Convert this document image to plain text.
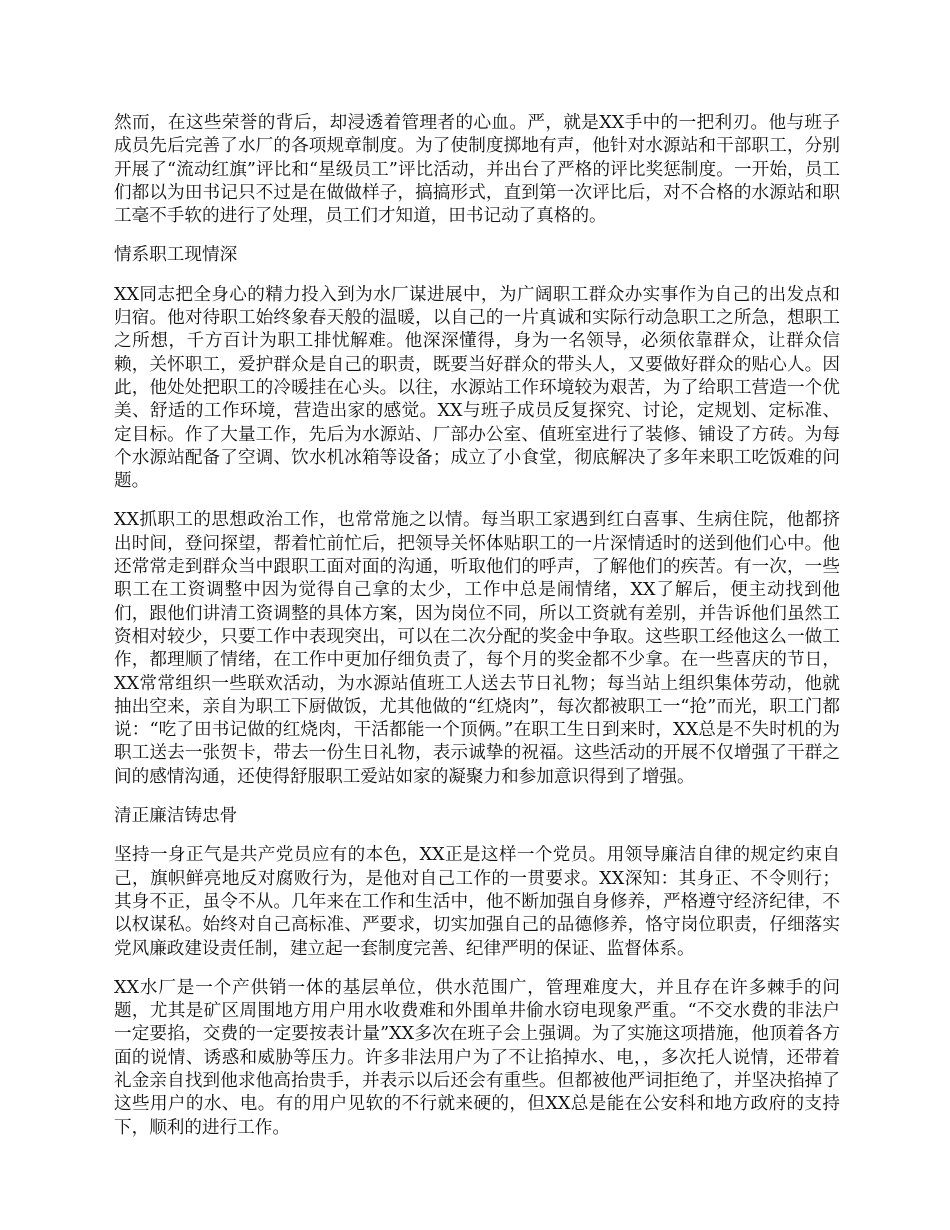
然而，在这些荣誉的背后，却浸透着管理者的心血。严，就是XX手中的一把利刃。他与班子成员先后完善了水厂的各项规章制度。为了使制度掷地有声，他针对水源站和干部职工，分别开展了“流动红旗”评比和“星级员工”评比活动，并出台了严格的评比奖惩制度。一开始，员工们都以为田书记只不过是在做做样子，搞搞形式，直到第一次评比后，对不合格的水源站和职工毫不手软的进行了处理，员工们才知道，田书记动了真格的。

情系职工现情深

XX同志把全身心的精力投入到为水厂谋进展中，为广阔职工群众办实事作为自己的出发点和归宿。他对待职工始终象春天般的温暖，以自己的一片真诚和实际行动急职工之所急，想职工之所想，千方百计为职工排忧解难。他深深懂得，身为一名领导，必须依靠群众，让群众信赖，关怀职工，爱护群众是自己的职责，既要当好群众的带头人，又要做好群众的贴心人。因此，他处处把职工的冷暖挂在心头。以往，水源站工作环境较为艰苦，为了给职工营造一个优美、舒适的工作环境，营造出家的感觉。XX与班子成员反复探究、讨论，定规划、定标准、定目标。作了大量工作，先后为水源站、厂部办公室、值班室进行了装修、铺设了方砖。为每个水源站配备了空调、饮水机冰箱等设备；成立了小食堂，彻底解决了多年来职工吃饭难的问题。

XX抓职工的思想政治工作，也常常施之以情。每当职工家遇到红白喜事、生病住院，他都挤出时间，登问探望，帮着忙前忙后，把领导关怀体贴职工的一片深情适时的送到他们心中。他还常常走到群众当中跟职工面对面的沟通，听取他们的呼声，了解他们的疾苦。有一次，一些职工在工资调整中因为觉得自己拿的太少，工作中总是闹情绪，XX了解后，便主动找到他们，跟他们讲清工资调整的具体方案，因为岗位不同，所以工资就有差别，并告诉他们虽然工资相对较少，只要工作中表现突出，可以在二次分配的奖金中争取。这些职工经他这么一做工作，都理顺了情绪，在工作中更加仔细负责了，每个月的奖金都不少拿。在一些喜庆的节日，XX常常组织一些联欢活动，为水源站值班工人送去节日礼物；每当站上组织集体劳动，他就抽出空来，亲自为职工下厨做饭，尤其他做的“红烧肉”，每次都被职工一“抢”而光，职工门都说：“吃了田书记做的红烧肉，干活都能一个顶俩。”在职工生日到来时，XX总是不失时机的为职工送去一张贺卡，带去一份生日礼物，表示诚挚的祝福。这些活动的开展不仅增强了干群之间的感情沟通，还使得舒服职工爱站如家的凝聚力和参加意识得到了增强。

清正廉洁铸忠骨

坚持一身正气是共产党员应有的本色，XX正是这样一个党员。用领导廉洁自律的规定约束自己，旗帜鲜亮地反对腐败行为，是他对自己工作的一贯要求。XX深知：其身正、不令则行；其身不正，虽令不从。几年来在工作和生活中，他不断加强自身修养，严格遵守经济纪律，不以权谋私。始终对自己高标准、严要求，切实加强自己的品德修养，恪守岗位职责，仔细落实党风廉政建设责任制，建立起一套制度完善、纪律严明的保证、监督体系。

XX水厂是一个产供销一体的基层单位，供水范围广，管理难度大，并且存在许多棘手的问题，尤其是矿区周围地方用户用水收费难和外围单井偷水窃电现象严重。“不交水费的非法户一定要掐，交费的一定要按表计量”XX多次在班子会上强调。为了实施这项措施，他顶着各方面的说情、诱惑和威胁等压力。许多非法用户为了不让掐掉水、电，，多次托人说情，还带着礼金亲自找到他求他高抬贵手，并表示以后还会有重些。但都被他严词拒绝了，并坚决掐掉了这些用户的水、电。有的用户见软的不行就来硬的，但XX总是能在公安科和地方政府的支持下，顺利的进行工作。
